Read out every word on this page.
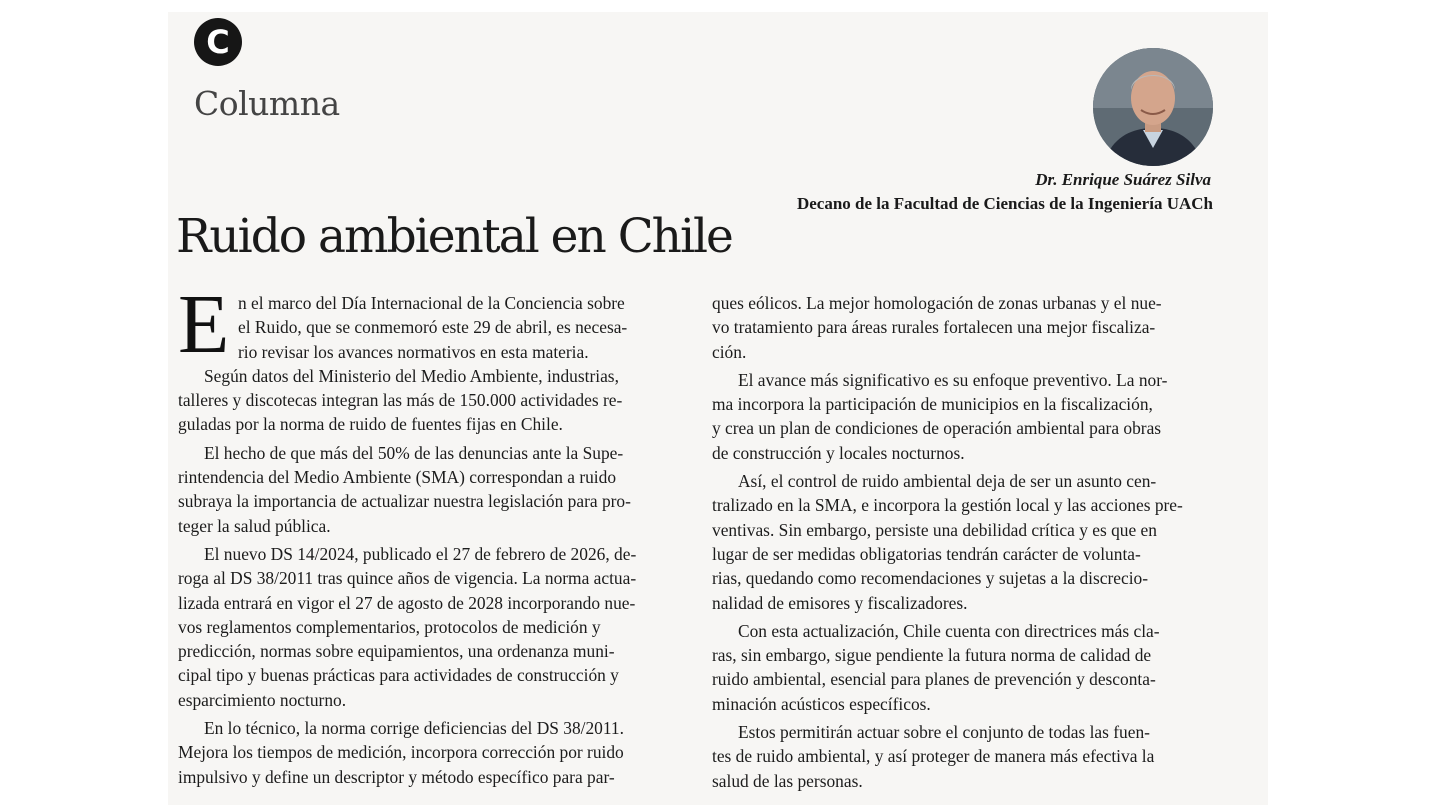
C
Columna
Dr. Enrique Suárez Silva
Decano de la Facultad de Ciencias de la Ingeniería UACh
Ruido ambiental en Chile
E n el marco del Día Internacional de la Conciencia sobre
el Ruido, que se conmemoró este 29 de abril, es necesa-
rio revisar los avances normativos en esta materia.
Según datos del Ministerio del Medio Ambiente, industrias,
talleres y discotecas integran las más de 150.000 actividades re-
guladas por la norma de ruido de fuentes fijas en Chile.
El hecho de que más del 50% de las denuncias ante la Supe-
rintendencia del Medio Ambiente (SMA) correspondan a ruido
subraya la importancia de actualizar nuestra legislación para pro-
teger la salud pública.
El nuevo DS 14/2024, publicado el 27 de febrero de 2026, de-
roga al DS 38/2011 tras quince años de vigencia. La norma actua-
lizada entrará en vigor el 27 de agosto de 2028 incorporando nue-
vos reglamentos complementarios, protocolos de medición y
predicción, normas sobre equipamientos, una ordenanza muni-
cipal tipo y buenas prácticas para actividades de construcción y
esparcimiento nocturno.
En lo técnico, la norma corrige deficiencias del DS 38/2011.
Mejora los tiempos de medición, incorpora corrección por ruido
impulsivo y define un descriptor y método específico para par-
ques eólicos. La mejor homologación de zonas urbanas y el nue-
vo tratamiento para áreas rurales fortalecen una mejor fiscaliza-
ción.
El avance más significativo es su enfoque preventivo. La nor-
ma incorpora la participación de municipios en la fiscalización,
y crea un plan de condiciones de operación ambiental para obras
de construcción y locales nocturnos.
Así, el control de ruido ambiental deja de ser un asunto cen-
tralizado en la SMA, e incorpora la gestión local y las acciones pre-
ventivas. Sin embargo, persiste una debilidad crítica y es que en
lugar de ser medidas obligatorias tendrán carácter de volunta-
rias, quedando como recomendaciones y sujetas a la discrecio-
nalidad de emisores y fiscalizadores.
Con esta actualización, Chile cuenta con directrices más cla-
ras, sin embargo, sigue pendiente la futura norma de calidad de
ruido ambiental, esencial para planes de prevención y desconta-
minación acústicos específicos.
Estos permitirán actuar sobre el conjunto de todas las fuen-
tes de ruido ambiental, y así proteger de manera más efectiva la
salud de las personas.
